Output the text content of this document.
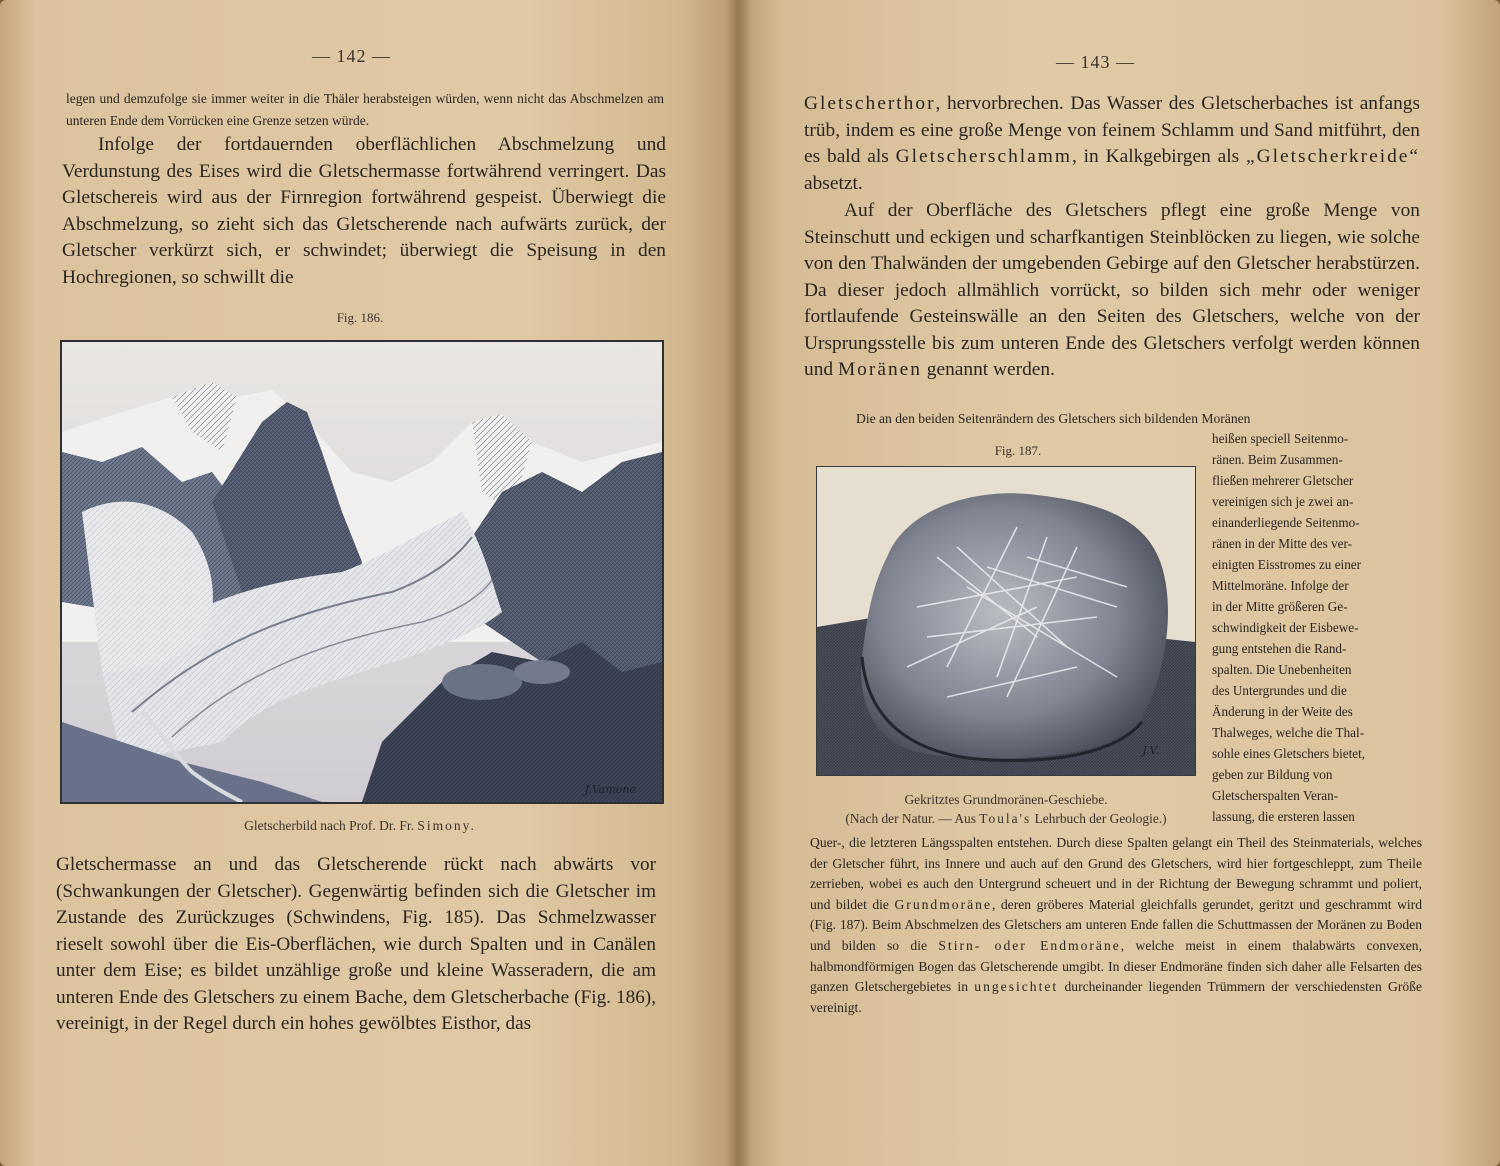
— 142 —
legen und demzufolge sie immer weiter in die Thäler herabsteigen würden, wenn nicht das Abschmelzen am unteren Ende dem Vorrücken eine Grenze setzen würde.

Infolge der fortdauernden oberflächlichen Abschmelzung und Verdunstung des Eises wird die Gletschermasse fortwährend verringert. Das Gletschereis wird aus der Firnregion fortwährend gespeist. Überwiegt die Abschmelzung, so zieht sich das Gletscherende nach aufwärts zurück, der Gletscher verkürzt sich, er schwindet; überwiegt die Speisung in den Hochregionen, so schwillt die

Fig. 186.
J.Vamone
Gletscherbild nach Prof. Dr. Fr. Simony.
Gletschermasse an und das Gletscherende rückt nach abwärts vor (Schwankungen der Gletscher). Gegenwärtig befinden sich die Gletscher im Zustande des Zurückzuges (Schwindens, Fig. 185). Das Schmelzwasser rieselt sowohl über die Eis-Oberflächen, wie durch Spalten und in Canälen unter dem Eise; es bildet unzählige große und kleine Wasseradern, die am unteren Ende des Gletschers zu einem Bache, dem Gletscherbache (Fig. 186), vereinigt, in der Regel durch ein hohes gewölbtes Eisthor, das
— 143 —
Gletscherthor, hervorbrechen. Das Wasser des Gletscherbaches ist anfangs trüb, indem es eine große Menge von feinem Schlamm und Sand mitführt, den es bald als Gletscherschlamm, in Kalkgebirgen als „Gletscherkreide“ absetzt.
Auf der Oberfläche des Gletschers pflegt eine große Menge von Steinschutt und eckigen und scharfkantigen Steinblöcken zu liegen, wie solche von den Thalwänden der umgebenden Gebirge auf den Gletscher herabstürzen. Da dieser jedoch allmählich vorrückt, so bilden sich mehr oder weniger fortlaufende Gesteinswälle an den Seiten des Gletschers, welche von der Ursprungsstelle bis zum unteren Ende des Gletschers verfolgt werden können und Moränen genannt werden.
Die an den beiden Seitenrändern des Gletschers sich bildenden Moränen
Fig. 187.
J.V.
Gekritztes Grundmoränen-Geschiebe.
(Nach der Natur. — Aus Toula's Lehrbuch der Geologie.)
heißen speciell Seitenmo-
ränen. Beim Zusammen-
fließen mehrerer Gletscher
vereinigen sich je zwei an-
einanderliegende Seitenmo-
ränen in der Mitte des ver-
einigten Eisstromes zu einer
Mittelmoräne. Infolge der
in der Mitte größeren Ge-
schwindigkeit der Eisbewe-
gung entstehen die Rand-
spalten. Die Unebenheiten
des Untergrundes und die
Änderung in der Weite des
Thalweges, welche die Thal-
sohle eines Gletschers bietet,
geben zur Bildung von
Gletscherspalten Veran-
lassung, die ersteren lassen
Quer-, die letzteren Längsspalten entstehen. Durch diese Spalten gelangt ein Theil des Steinmaterials, welches der Gletscher führt, ins Innere und auch auf den Grund des Gletschers, wird hier fortgeschleppt, zum Theile zerrieben, wobei es auch den Untergrund scheuert und in der Richtung der Bewegung schrammt und poliert, und bildet die Grundmoräne, deren gröberes Material gleichfalls gerundet, geritzt und geschrammt wird (Fig. 187). Beim Abschmelzen des Gletschers am unteren Ende fallen die Schuttmassen der Moränen zu Boden und bilden so die Stirn- oder Endmoräne, welche meist in einem thalabwärts convexen, halbmondförmigen Bogen das Gletscherende umgibt. In dieser Endmoräne finden sich daher alle Felsarten des ganzen Gletschergebietes in ungesichtet durcheinander liegenden Trümmern der verschiedensten Größe vereinigt.
